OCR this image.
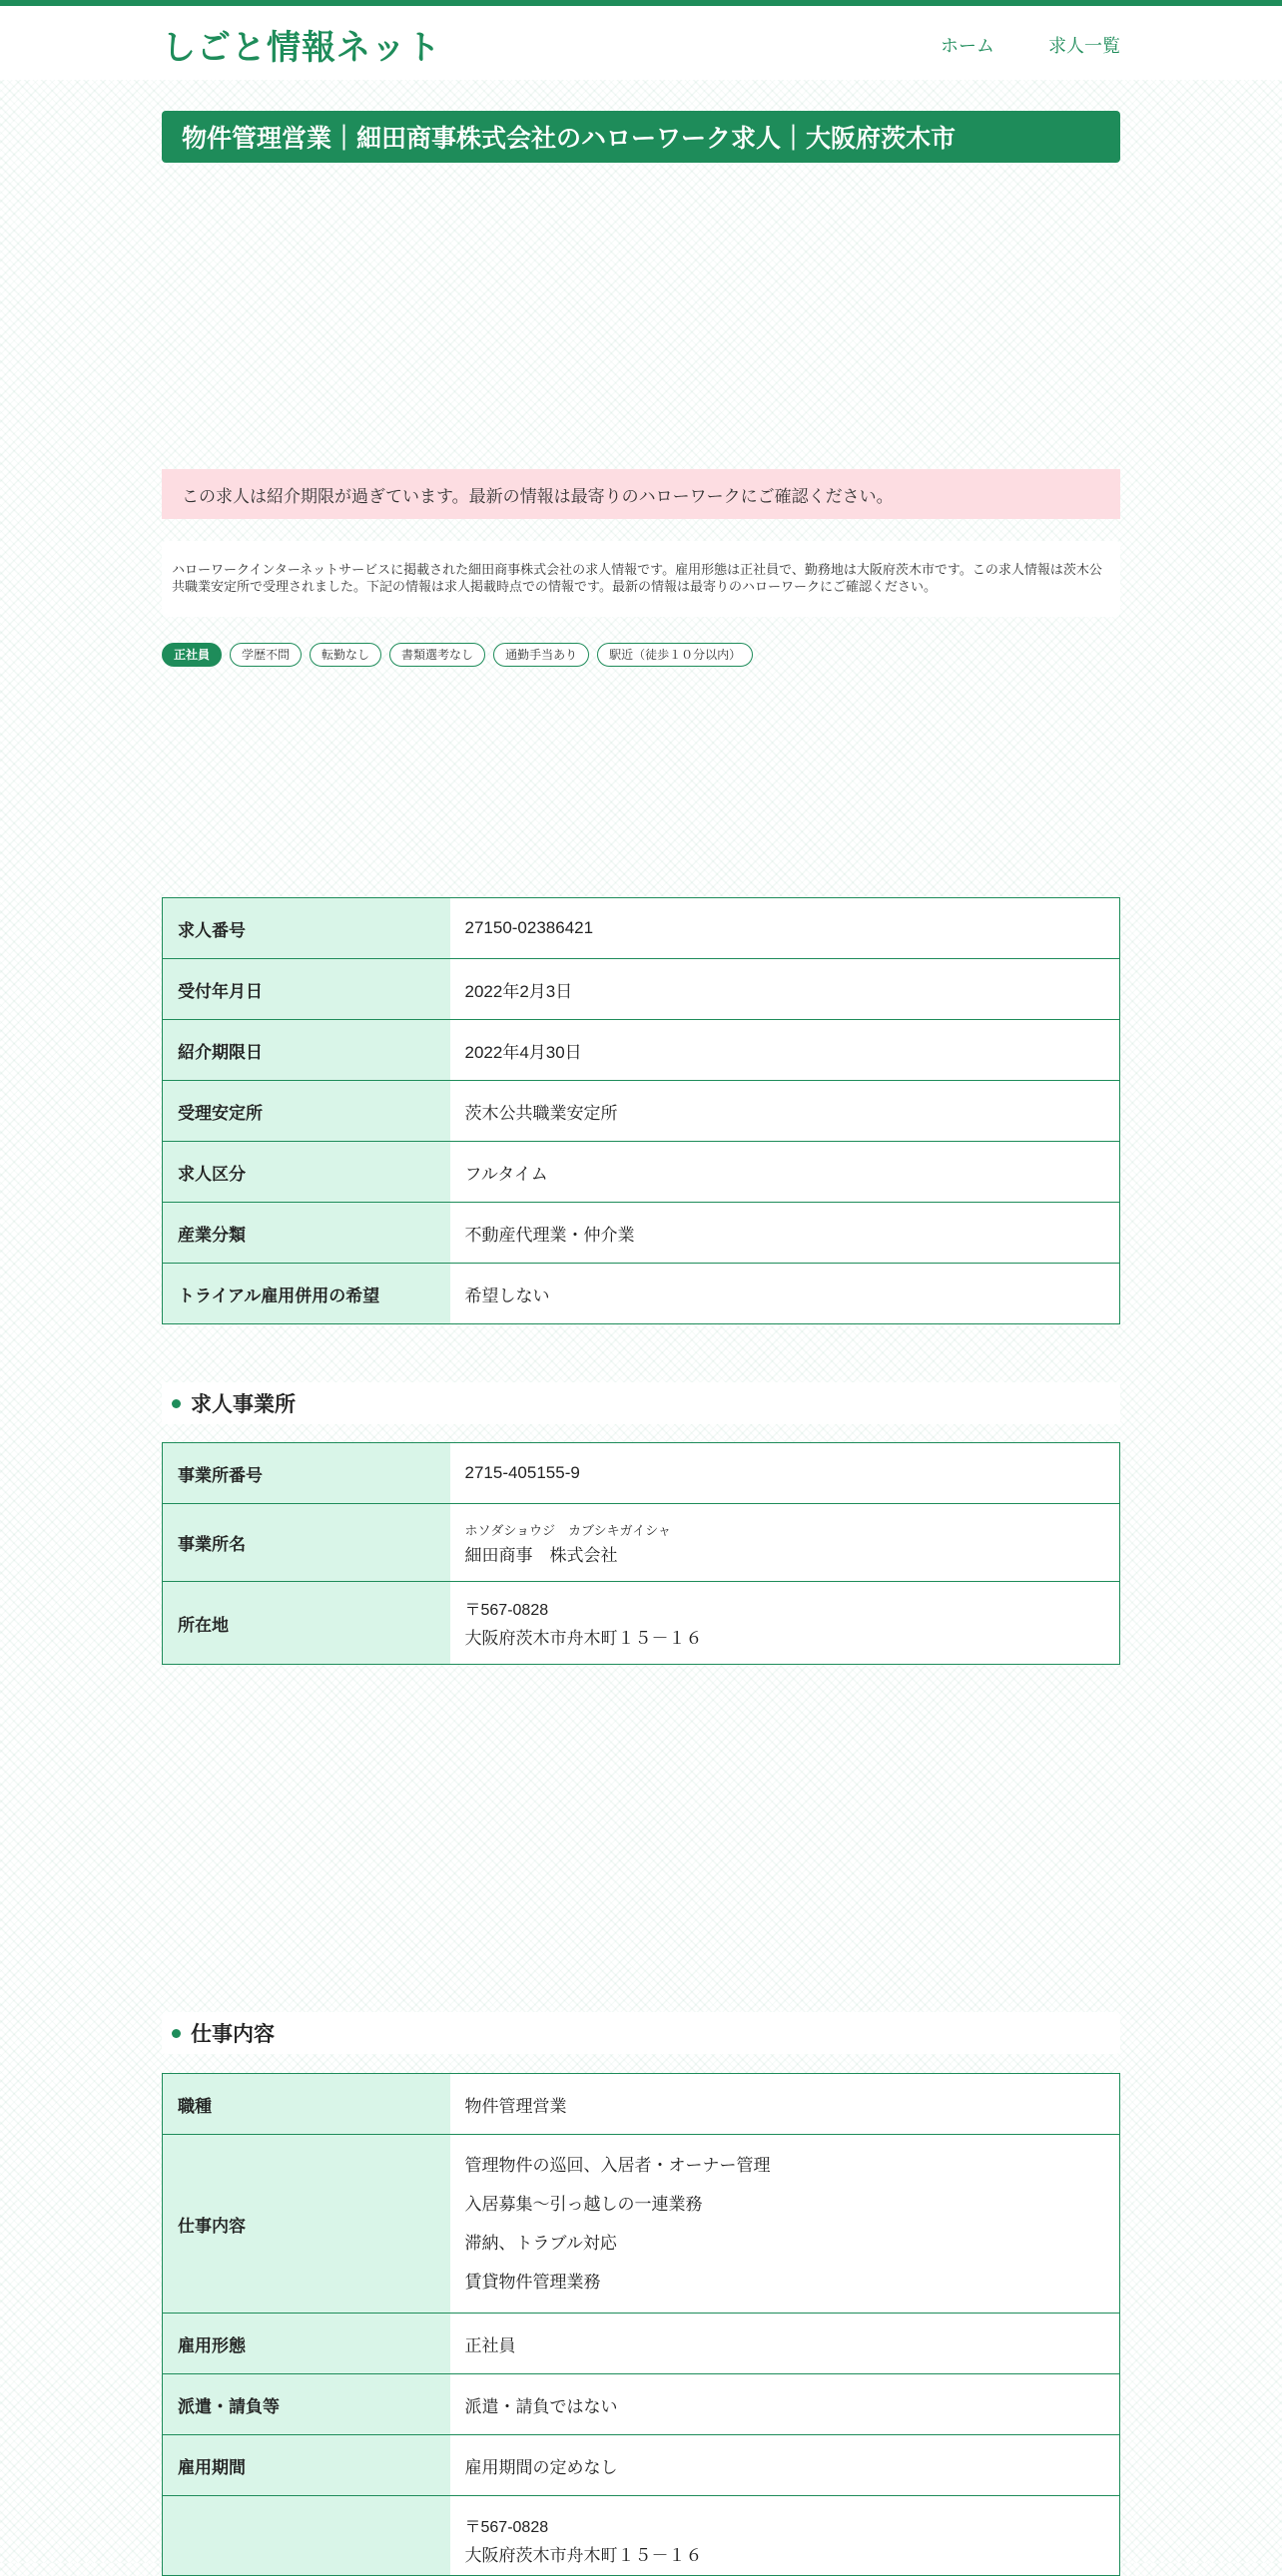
しごと情報ネット	ホーム	求人一覧
物件管理営業｜細田商事株式会社のハローワーク求人｜大阪府茨木市
この求人は紹介期限が過ぎています。最新の情報は最寄りのハローワークにご確認ください。
ハローワークインターネットサービスに掲載された細田商事株式会社の求人情報です。雇用形態は正社員で、勤務地は大阪府茨木市です。この求人情報は茨木公共職業安定所で受理されました。下記の情報は求人掲載時点での情報です。最新の情報は最寄りのハローワークにご確認ください。
正社員	学歴不問	転勤なし	書類選考なし	通勤手当あり	駅近（徒歩１０分以内）
求人番号	27150-02386421
受付年月日	2022年2月3日
紹介期限日	2022年4月30日
受理安定所	茨木公共職業安定所
求人区分	フルタイム
産業分類	不動産代理業・仲介業
トライアル雇用併用の希望	希望しない
求人事業所
事業所番号	2715-405155-9
事業所名	ホソダショウジ　カブシキガイシャ
細田商事　株式会社

所在地	〒567-0828
大阪府茨木市舟木町１５－１６
仕事内容
職種	物件管理営業
仕事内容	管理物件の巡回、入居者・オーナー管理

入居募集～引っ越しの一連業務

滞納、トラブル対応

賃貸物件管理業務

雇用形態	正社員
派遣・請負等	派遣・請負ではない
雇用期間	雇用期間の定めなし

	〒567-0828
大阪府茨木市舟木町１５－１６
